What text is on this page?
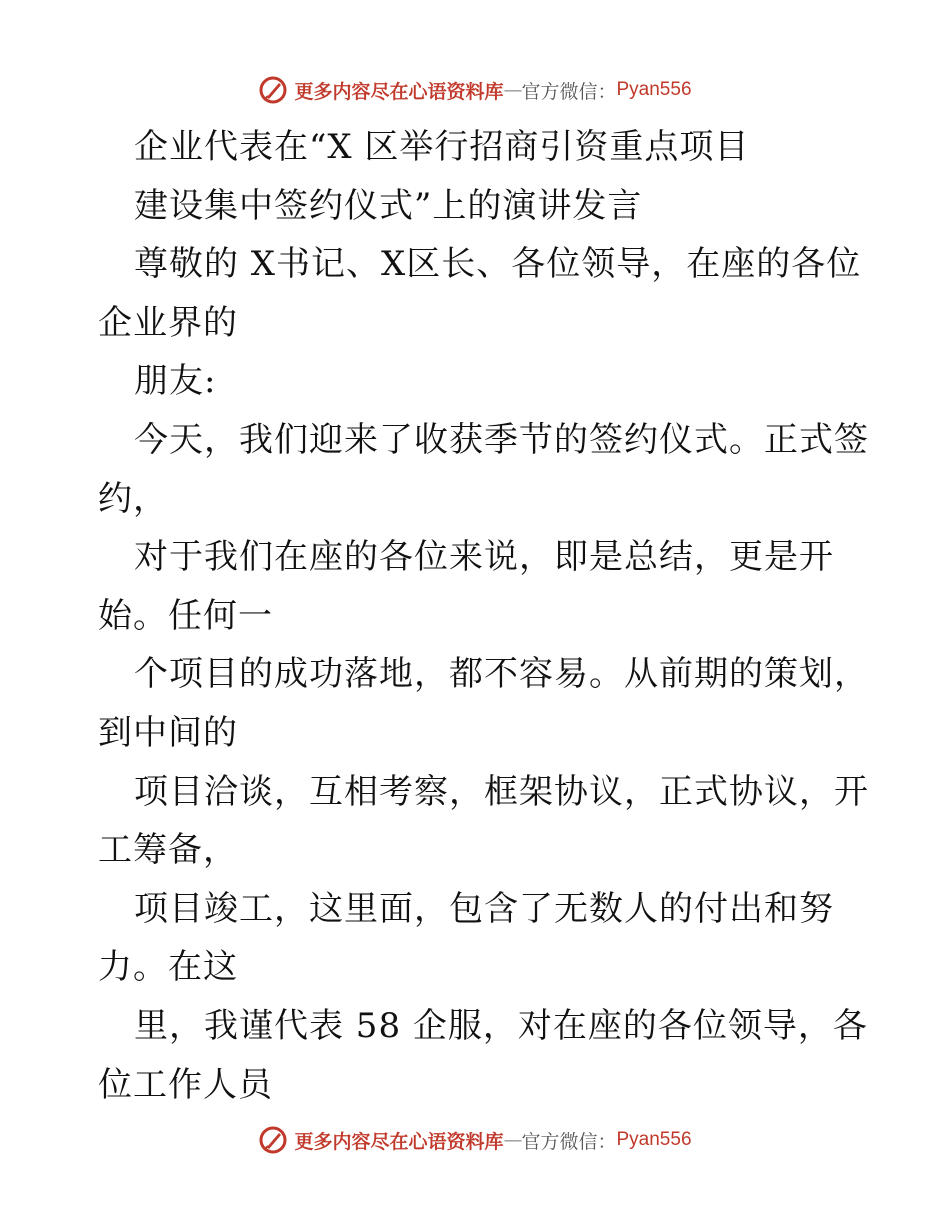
更多内容尽在心语资料库 — 官方微信： Pyan556
企业代表在“X 区举行招商引资重点项目
建设集中签约仪式”上的演讲发言
尊敬的 X书记、X区长、各位领导，在座的各位
企业界的
朋友:
今天，我们迎来了收获季节的签约仪式。正式签
约，
对于我们在座的各位来说，即是总结，更是开
始。任何一
个项目的成功落地，都不容易。从前期的策划，
到中间的
项目洽谈，互相考察，框架协议，正式协议，开
工筹备，
项目竣工，这里面，包含了无数人的付出和努
力。在这
里，我谨代表 58 企服，对在座的各位领导，各
位工作人员
更多内容尽在心语资料库 — 官方微信： Pyan556
